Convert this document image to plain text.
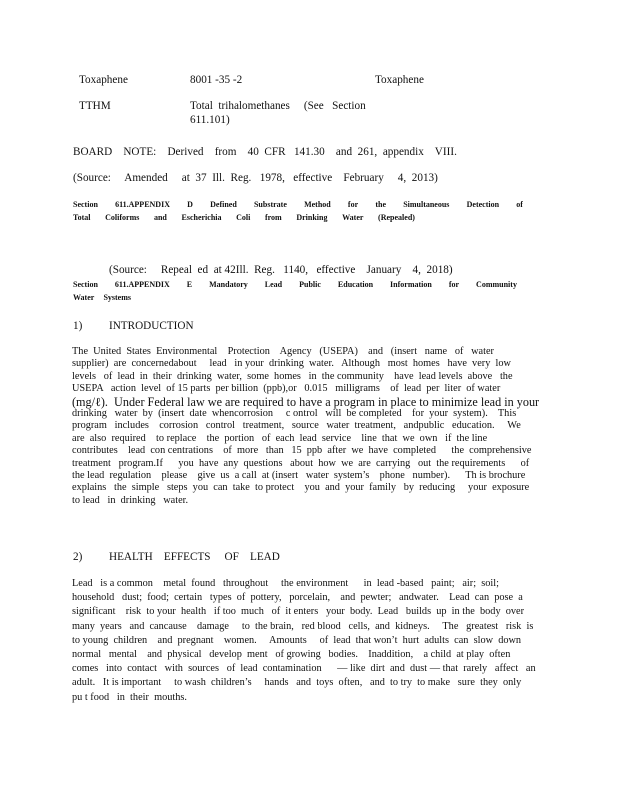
Toxaphene	8001 -35 -2	Toxaphene
TTHM	Total  trihalomethanes     (See   Section
611.101)
BOARD    NOTE:    Derived    from    40  CFR   141.30    and  261,  appendix    VIII.
(Source:     Amended     at  37  Ill.  Reg.   1978,   effective    February     4,  2013)
Section 611.APPENDIX D Defined Substrate Method for the Simultaneous Detection of
Total Coliforms and Escherichia Coli from Drinking Water (Repealed)
(Source:     Repeal  ed  at 42Ill.  Reg.   1140,   effective    January    4,  2018)
Section 611.APPENDIX E Mandatory Lead Public Education Information for Community
Water Systems
1) INTRODUCTION
The  United  States  Environmental    Protection    Agency   (USEPA)    and   (insert   name   of   water
supplier)  are  concernedabout     lead   in your  drinking  water.   Although   most  homes   have  very  low
levels   of  lead  in  their  drinking  water,  some  homes   in  the community    have  lead levels  above   the
USEPA   action  level  of 15 parts  per billion  (ppb),or   0.015   milligrams    of  lead  per  liter  of water
(mg/ℓ).  Under Federal law we are required to have a program in place to minimize lead in your
drinking   water  by  (insert  date  whencorrosion     c ontrol   will  be completed    for  your  system).    This
program   includes    corrosion   control   treatment,   source   water  treatment,   andpublic   education.     We
are  also  required    to replace    the  portion   of  each  lead  service    line  that  we  own   if  the line
contributes    lead  con centrations    of  more   than   15  ppb  after  we  have  completed      the  comprehensive
treatment   program.If      you  have  any  questions   about  how  we  are  carrying   out  the requirements      of
the lead  regulation    please    give  us  a call  at (insert   water  system’s    phone   number).      Th is brochure
explains   the  simple   steps  you  can  take  to protect    you  and  your  family   by  reducing     your  exposure
to lead   in  drinking   water.
2) HEALTH    EFFECTS     OF    LEAD
Lead   is a common    metal  found   throughout     the environment      in  lead -based   paint;   air;  soil;
household   dust;  food;  certain   types  of  pottery,   porcelain,    and  pewter;   andwater.    Lead  can  pose  a
significant    risk  to your  health   if too  much   of  it enters   your  body.  Lead   builds  up  in the  body  over
many  years   and  cancause    damage     to  the brain,   red blood   cells,  and  kidneys.     The   greatest   risk  is
to young  children    and  pregnant    women.     Amounts     of  lead  that won’t  hurt  adults  can  slow  down
normal   mental    and  physical   develop  ment   of growing   bodies.    Inaddition,    a child  at play  often
comes   into  contact   with  sources   of  lead  contamination      — like  dirt  and  dust — that  rarely   affect   an
adult.   It is important     to wash  children’s     hands   and  toys  often,   and  to try  to make   sure  they  only
pu t food   in  their  mouths.
